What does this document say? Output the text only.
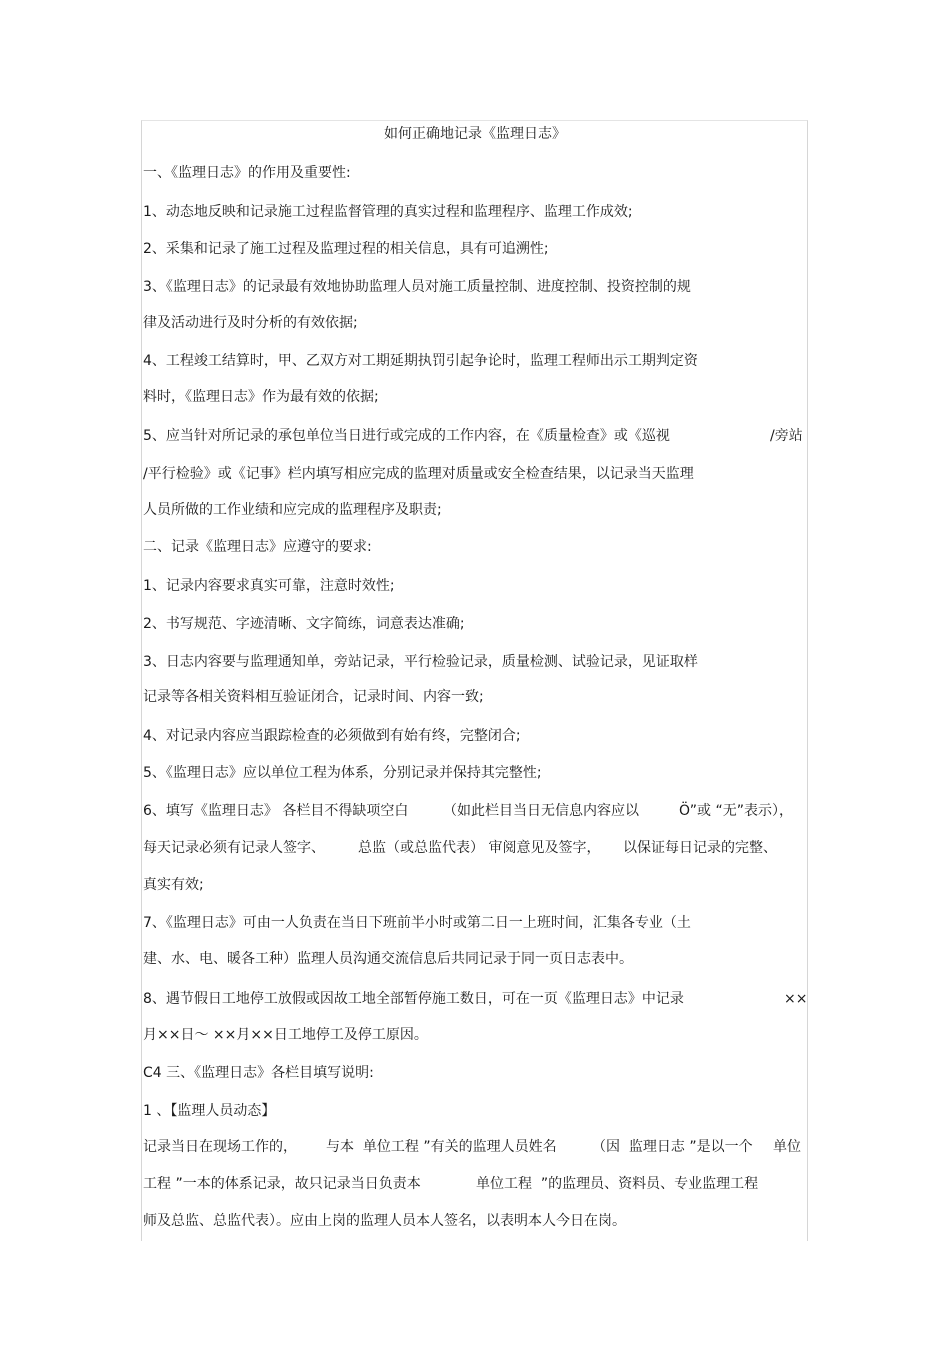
如何正确地记录《监理日志》
一、《监理日志》的作用及重要性:
1、动态地反映和记录施工过程监督管理的真实过程和监理程序、监理工作成效;
2、采集和记录了施工过程及监理过程的相关信息，具有可追溯性;
3、《监理日志》的记录最有效地协助监理人员对施工质量控制、进度控制、投资控制的规
律及活动进行及时分析的有效依据;
4、工程竣工结算时，甲、乙双方对工期延期执罚引起争论时，监理工程师出示工期判定资
料时，《监理日志》作为最有效的依据;
5、应当针对所记录的承包单位当日进行或完成的工作内容，在《质量检查》或《巡视	/旁站
/平行检验》或《记事》栏内填写相应完成的监理对质量或安全检查结果，以记录当天监理
人员所做的工作业绩和应完成的监理程序及职责;
二、记录《监理日志》应遵守的要求:
1、记录内容要求真实可靠，注意时效性;
2、书写规范、字迹清晰、文字简练，词意表达准确;
3、日志内容要与监理通知单，旁站记录，平行检验记录，质量检测、试验记录，见证取样
记录等各相关资料相互验证闭合，记录时间、内容一致;
4、对记录内容应当跟踪检查的必须做到有始有终，完整闭合;
5、《监理日志》应以单位工程为体系，分别记录并保持其完整性;
6、填写《监理日志》 各栏目不得缺项空白 （如此栏目当日无信息内容应以	Ö”或 “无”表示），
每天记录必须有记录人签字、 总监（或总监代表） 审阅意见及签字， 以保证每日记录的完整、
真实有效;
7、《监理日志》可由一人负责在当日下班前半小时或第二日一上班时间，汇集各专业（土
建、水、电、暖各工种）监理人员沟通交流信息后共同记录于同一页日志表中。
8、遇节假日工地停工放假或因故工地全部暂停施工数日，可在一页《监理日志》中记录	××
月××日～ ××月××日工地停工及停工原因。
C4 三、《监理日志》各栏目填写说明:
1 、【监理人员动态】
记录当日在现场工作的， 与本  单位工程 ”有关的监理人员姓名	（因  监理日志 ”是以一个 单位
工程 ”一本的体系记录，故只记录当日负责本	单位工程  ”的监理员、资料员、专业监理工程
师及总监、总监代表）。应由上岗的监理人员本人签名，以表明本人今日在岗。
